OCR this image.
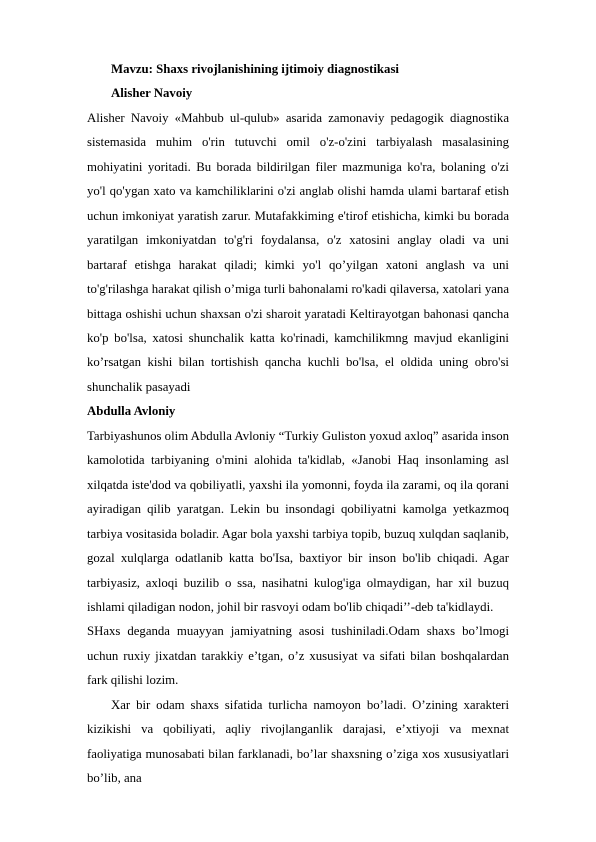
Mavzu: Shaxs rivojlanishining ijtimoiy diagnostikasi

Alisher Navoiy

Alisher Navoiy «Mahbub ul-qulub» asarida zamonaviy pedagogik diagnostika sistemasida muhim o'rin tutuvchi omil o'z-o'zini tarbiyalash masalasining mohiyatini yoritadi. Bu borada bildirilgan filer mazmuniga ko'ra, bolaning o'zi yo'l qo'ygan xato va kamchiliklarini o'zi anglab olishi hamda ulami bartaraf etish uchun imkoniyat yaratish zarur. Mutafakkiming e'tirof etishicha, kimki bu borada yaratilgan imkoniyatdan to'g'ri foydalansa, o'z xatosini anglay oladi va uni bartaraf etishga harakat qiladi; kimki yo'l qo’yilgan xatoni anglash va uni to'g'rilashga harakat qilish o’miga turli bahonalami ro'kadi qilaversa, xatolari yana bittaga oshishi uchun shaxsan o'zi sharoit yaratadi Keltirayotgan bahonasi qancha ko'p bo'lsa, xatosi shunchalik katta ko'rinadi, kamchilikmng mavjud ekanligini ko’rsatgan kishi bilan tortishish qancha kuchli bo'lsa, el oldida uning obro'si shunchalik pasayadi

Abdulla Avloniy

Tarbiyashunos olim Abdulla Avloniy “Turkiy Guliston yoxud axloq” asarida inson kamolotida tarbiyaning o'mini alohida ta'kidlab, «Janobi Haq insonlaming asl xilqatda iste'dod va qobiliyatli, yaxshi ila yomonni, foyda ila zarami, oq ila qorani ayiradigan qilib yaratgan. Lekin bu insondagi qobiliyatni kamolga yetkazmoq tarbiya vositasida boladir. Agar bola yaxshi tarbiya topib, buzuq xulqdan saqlanib, gozal xulqlarga odatlanib katta bo'Isa, baxtiyor bir inson bo'lib chiqadi. Agar tarbiyasiz, axloqi buzilib o ssa, nasihatni kulog'iga olmaydigan, har xil buzuq ishlami qiladigan nodon, johil bir rasvoyi odam bo'lib chiqadi’’-deb ta'kidlaydi.

SHaxs deganda muayyan jamiyatning asosi tushiniladi.Odam shaxs bo’lmogi uchun ruxiy jixatdan tarakkiy e’tgan, o’z xususiyat va sifati bilan boshqalardan fark qilishi lozim.

Xar bir odam shaxs sifatida turlicha namoyon bo’ladi. O’zining xarakteri kizikishi va qobiliyati, aqliy rivojlanganlik darajasi, e’xtiyoji va mexnat faoliyatiga munosabati bilan farklanadi, bo’lar shaxsning o’ziga xos xususiyatlari bo’lib, ana
